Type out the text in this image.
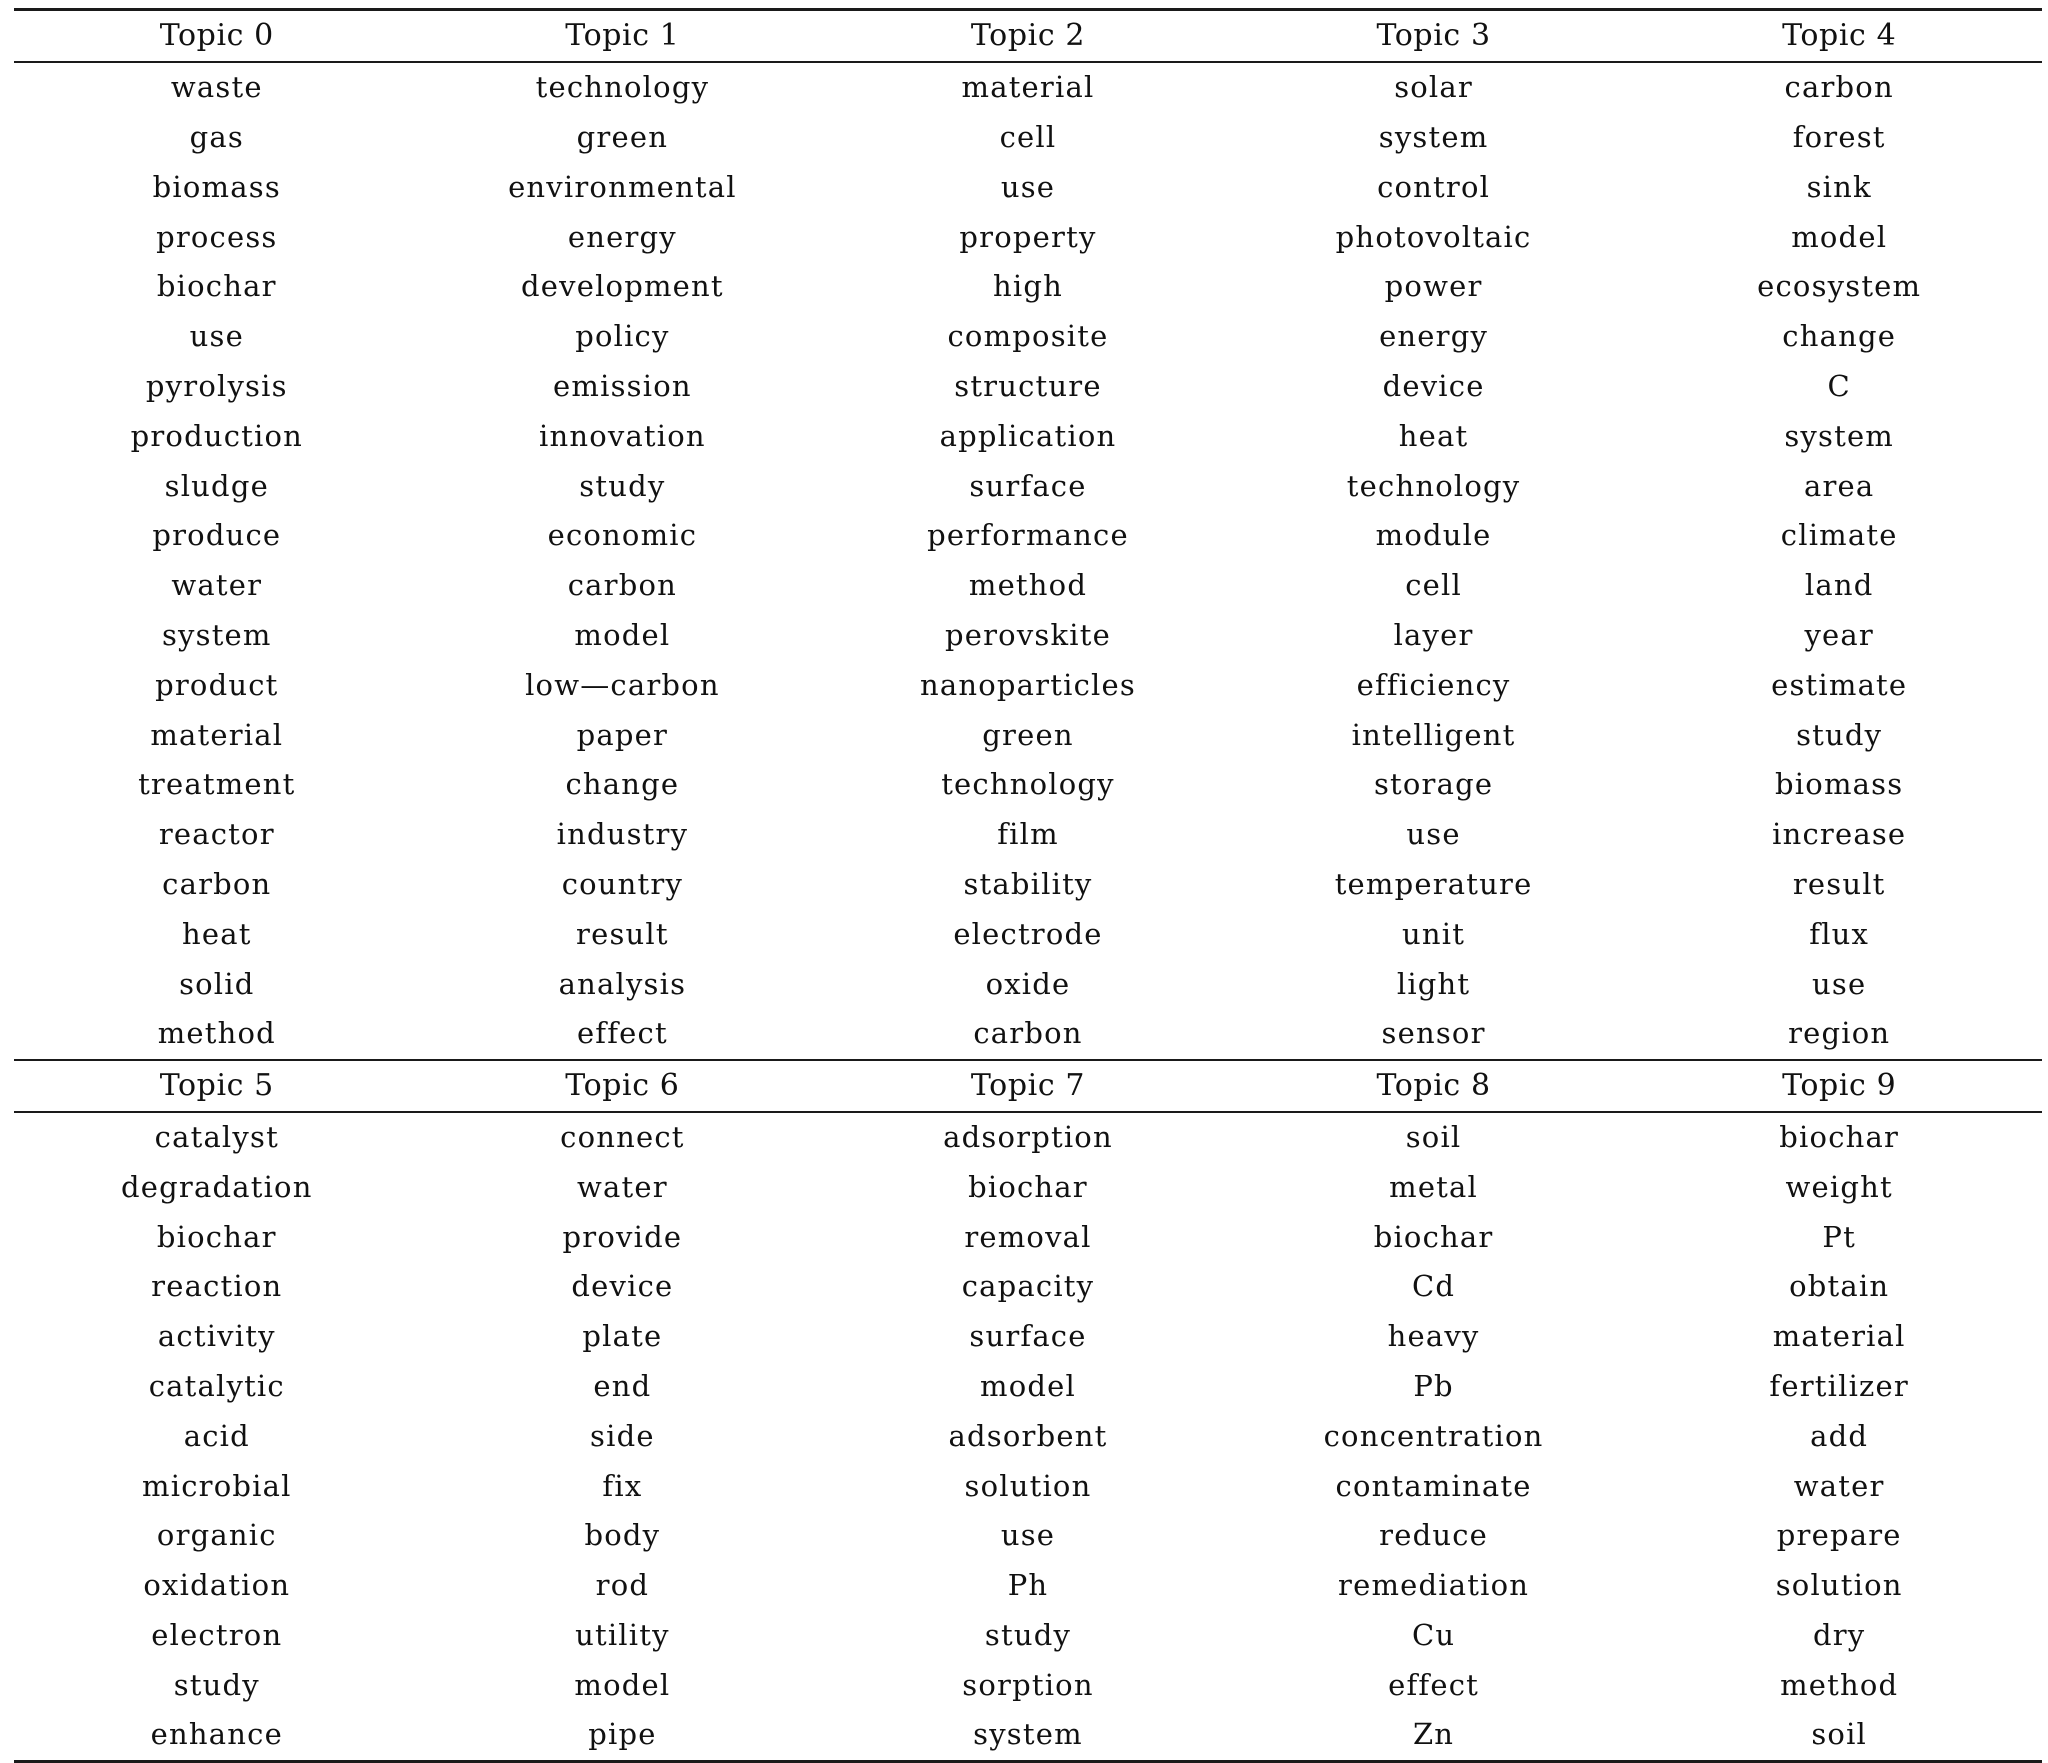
Topic 0	Topic 1	Topic 2	Topic 3	Topic 4
waste	technology	material	solar	carbon
gas	green	cell	system	forest
biomass	environmental	use	control	sink
process	energy	property	photovoltaic	model
biochar	development	high	power	ecosystem
use	policy	composite	energy	change
pyrolysis	emission	structure	device	C
production	innovation	application	heat	system
sludge	study	surface	technology	area
produce	economic	performance	module	climate
water	carbon	method	cell	land
system	model	perovskite	layer	year
product	low—carbon	nanoparticles	efficiency	estimate
material	paper	green	intelligent	study
treatment	change	technology	storage	biomass
reactor	industry	film	use	increase
carbon	country	stability	temperature	result
heat	result	electrode	unit	flux
solid	analysis	oxide	light	use
method	effect	carbon	sensor	region
Topic 5	Topic 6	Topic 7	Topic 8	Topic 9
catalyst	connect	adsorption	soil	biochar
degradation	water	biochar	metal	weight
biochar	provide	removal	biochar	Pt
reaction	device	capacity	Cd	obtain
activity	plate	surface	heavy	material
catalytic	end	model	Pb	fertilizer
acid	side	adsorbent	concentration	add
microbial	fix	solution	contaminate	water
organic	body	use	reduce	prepare
oxidation	rod	Ph	remediation	solution
electron	utility	study	Cu	dry
study	model	sorption	effect	method
enhance	pipe	system	Zn	soil
